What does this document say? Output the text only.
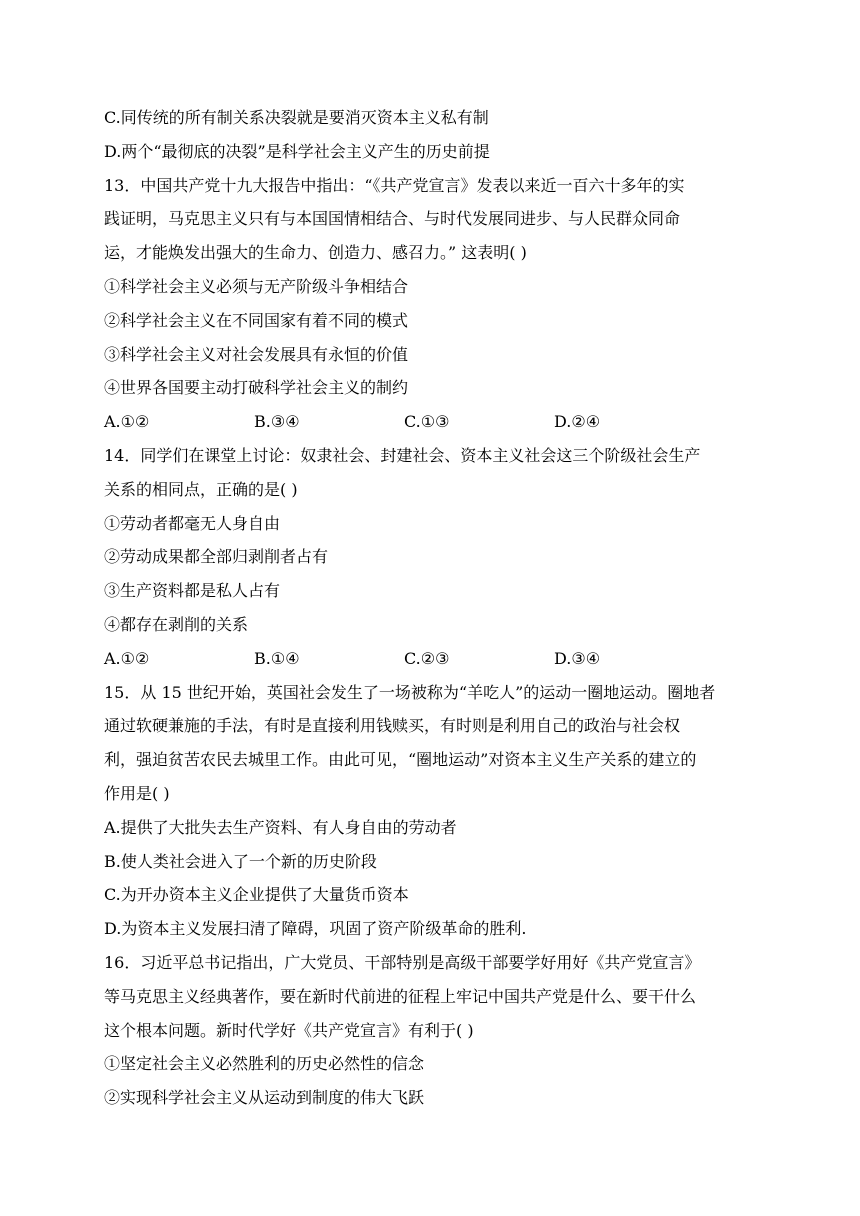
C.同传统的所有制关系决裂就是要消灭资本主义私有制
D.两个“最彻底的决裂”是科学社会主义产生的历史前提
13．中国共产党十九大报告中指出：“《共产党宣言》发表以来近一百六十多年的实
践证明，马克思主义只有与本国国情相结合、与时代发展同进步、与人民群众同命
运，才能焕发出强大的生命力、创造力、感召力。” 这表明( )
①科学社会主义必须与无产阶级斗争相结合
②科学社会主义在不同国家有着不同的模式
③科学社会主义对社会发展具有永恒的价值
④世界各国要主动打破科学社会主义的制约
A.①②	B.③④	C.①③	D.②④
14．同学们在课堂上讨论：奴隶社会、封建社会、资本主义社会这三个阶级社会生产
关系的相同点，正确的是( )
①劳动者都毫无人身自由
②劳动成果都全部归剥削者占有
③生产资料都是私人占有
④都存在剥削的关系
A.①②	B.①④	C.②③	D.③④
15．从 15 世纪开始，英国社会发生了一场被称为“羊吃人”的运动一圈地运动。圈地者
通过软硬兼施的手法，有时是直接利用钱赎买，有时则是利用自己的政治与社会权
利，强迫贫苦农民去城里工作。由此可见，“圈地运动”对资本主义生产关系的建立的
作用是( )
A.提供了大批失去生产资料、有人身自由的劳动者
B.使人类社会进入了一个新的历史阶段
C.为开办资本主义企业提供了大量货币资本
D.为资本主义发展扫清了障碍，巩固了资产阶级革命的胜利.
16．习近平总书记指出，广大党员、干部特别是高级干部要学好用好《共产党宣言》
等马克思主义经典著作，要在新时代前进的征程上牢记中国共产党是什么、要干什么
这个根本问题。新时代学好《共产党宣言》有利于( )
①坚定社会主义必然胜利的历史必然性的信念
②实现科学社会主义从运动到制度的伟大飞跃
